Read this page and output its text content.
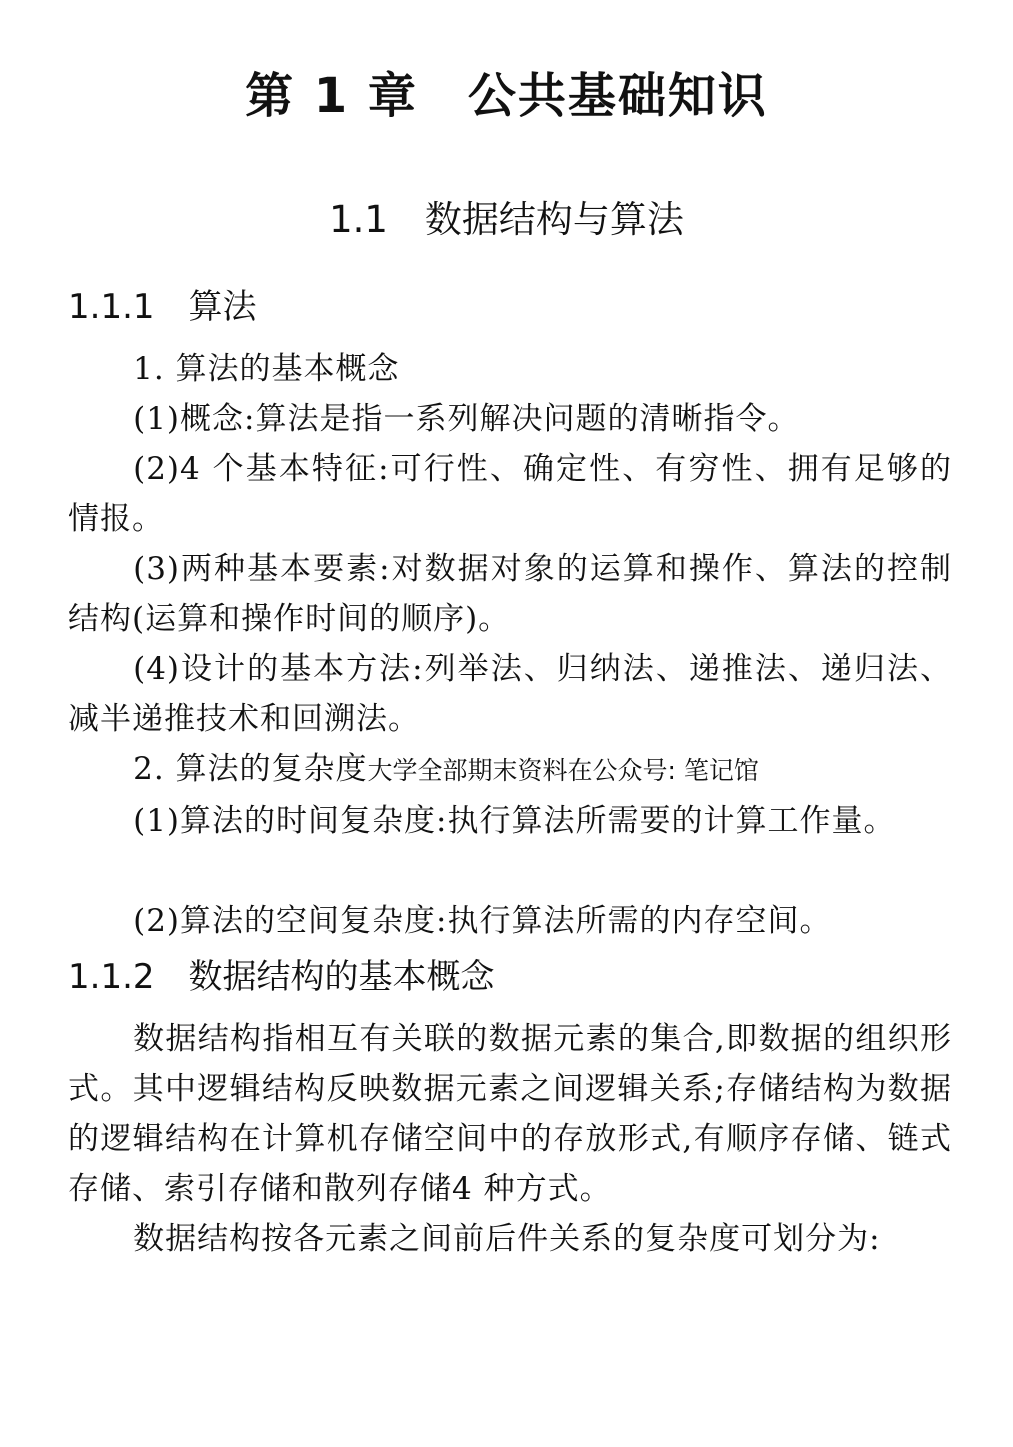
第 1 章　公共基础知识
1.1　数据结构与算法
1.1.1　算法
1. 算法的基本概念
(1)概念:算法是指一系列解决问题的清晰指令。
(2)4 个基本特征:可行性、确定性、有穷性、拥有足够的情报。
(3)两种基本要素:对数据对象的运算和操作、算法的控制结构(运算和操作时间的顺序)。
(4)设计的基本方法:列举法、归纳法、递推法、递归法、减半递推技术和回溯法。
2. 算法的复杂度大学全部期末资料在公众号: 笔记馆
(1)算法的时间复杂度:执行算法所需要的计算工作量。
(2)算法的空间复杂度:执行算法所需的内存空间。
1.1.2　数据结构的基本概念
数据结构指相互有关联的数据元素的集合,即数据的组织形式。其中逻辑结构反映数据元素之间逻辑关系;存储结构为数据的逻辑结构在计算机存储空间中的存放形式,有顺序存储、链式存储、索引存储和散列存储4 种方式。
数据结构按各元素之间前后件关系的复杂度可划分为:
